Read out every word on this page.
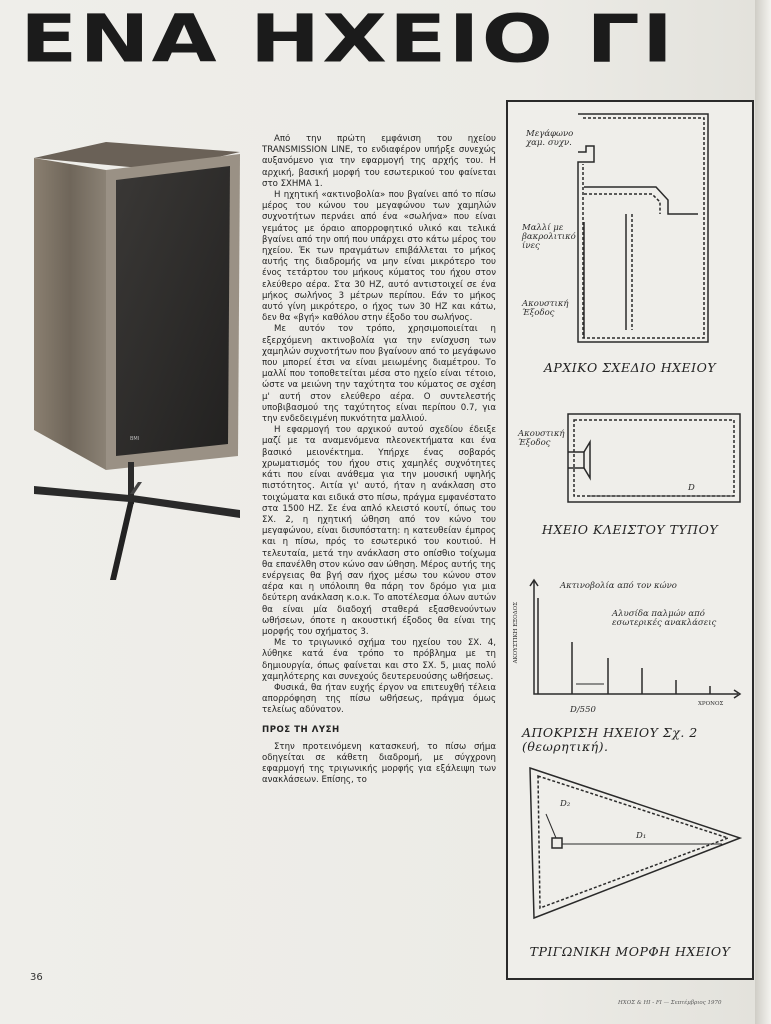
ΕΝΑ ΗΧΕΙΟ ΓΙ
BMI

Από την πρώτη εμφάνιση του ηχείου TRANSMISSION LINE, το ενδιαφέρον υπήρξε συνεχώς αυξανόμενο για την εφαρμογή της αρχής του. Η αρχική, βασική μορφή του εσωτερικού του φαίνεται στο ΣΧΗΜΑ 1.

Η ηχητική «ακτινοβολία» που βγαίνει από το πίσω μέρος του κώνου του μεγαφώνου των χαμηλών συχνοτήτων περνάει από ένα «σωλήνα» που είναι γεμάτος με όραιο απορροφητικό υλικό και τελικά βγαίνει από την οπή που υπάρχει στο κάτω μέρος του ηχείου. Έκ των πραγμάτων επιβάλλεται το μήκος αυτής της διαδρομής να μην είναι μικρότερο του ένος τετάρτου του μήκους κύματος του ήχου στον ελεύθερο αέρα. Στα 30 HZ, αυτό αντιστοιχεί σε ένα μήκος σωλήνος 3 μέτρων περίπου. Εάν το μήκος αυτό γίνη μικρότερο, ο ήχος των 30 HZ και κάτω, δεν θα «βγή» καθόλου στην έξοδο του σωλήνος.

Με αυτόν τον τρόπο, χρησιμοποιείται η εξερχόμενη ακτινοβολία για την ενίσχυση των χαμηλών συχνοτήτων που βγαίνουν από το μεγάφωνο που μπορεί έτσι να είναι μειωμένης διαμέτρου. Το μαλλί που τοποθετείται μέσα στο ηχείο είναι τέτοιο, ώστε να μειώνη την ταχύτητα του κύματος σε σχέση μ' αυτή στον ελεύθερο αέρα. Ο συντελεστής υποβιβασμού της ταχύτητος είναι περίπου 0.7, για την ενδεδειγμένη πυκνότητα μαλλιού.

Η εφαρμογή του αρχικού αυτού σχεδίου έδειξε μαζί με τα αναμενόμενα πλεονεκτήματα και ένα βασικό μειονέκτημα. Υπήρχε ένας σοβαρός χρωματισμός του ήχου στις χαμηλές συχνότητες κάτι που είναι ανάθεμα για την μουσική υψηλής πιστότητος. Αιτία γι' αυτό, ήταν η ανάκλαση στο τοιχώματα και ειδικά στο πίσω, πράγμα εμφανέστατο στα 1500 HZ. Σε ένα απλό κλειστό κουτί, όπως του ΣΧ. 2, η ηχητική ώθηση από τον κώνο του μεγαφώνου, είναι δισυπόστατη: η κατευθείαν έμπρος και η πίσω, πρός το εσωτερικό του κουτιού. Η τελευταία, μετά την ανάκλαση στο οπίσθιο τοίχωμα θα επανέλθη στον κώνο σαν ώθηση. Μέρος αυτής της ενέργειας θα βγή σαν ήχος μέσω του κώνου στον αέρα και η υπόλοιπη θα πάρη τον δρόμο για μια δεύτερη ανάκλαση κ.ο.κ. Το αποτέλεσμα όλων αυτών θα είναι μία διαδοχή σταθερά εξασθενούντων ωθήσεων, όποτε η ακουστική έξοδος θα είναι της μορφής του σχήματος 3.

Με το τριγωνικό σχήμα του ηχείου του ΣΧ. 4, λύθηκε κατά ένα τρόπο το πρόβλημα με τη δημιουργία, όπως φαίνεται και στο ΣΧ. 5, μιας πολύ χαμηλότερης και συνεχούς δευτερευούσης ωθήσεως.

Φυσικά, θα ήταν ευχής έργον να επιτευχθή τέλεια απορρόφηση της πίσω ωθήσεως, πράγμα όμως τελείως αδύνατον.

ΠΡΟΣ ΤΗ ΛΥΣΗ

Στην προτεινόμενη κατασκευή, το πίσω σήμα οδηγείται σε κάθετη διαδρομή, με σύγχρονη εφαρμογή της τριγωνικής μορφής για εξάλειψη των ανακλάσεων. Επίσης, το

Μεγάφωνο χαμ. συχν.
Μαλλί με βακρολιτικό ίνες
Ακουστική Έξοδος
ΑΡΧΙΚΟ ΣΧΕΔΙΟ ΗΧΕΙΟΥ
Ακουστική Έξοδος
D
ΗΧΕΙΟ ΚΛΕΙΣΤΟΥ ΤΥΠΟΥ
ΑΚΟΥΣΤΙΚΗ ΕΞΟΔΟΣ
ΧΡΟΝΟΣ
Ακτινοβολία από τον κώνο
Αλυσίδα παλμών από εσωτερικές ανακλάσεις
D/550
ΑΠΟΚΡΙΣΗ ΗΧΕΙΟΥ Σχ. 2 (θεωρητική).
D₂
D₁
ΤΡΙΓΩΝΙΚΗ ΜΟΡΦΗ ΗΧΕΙΟΥ
36
ΗΧΟΣ & ΗΙ - FI — Σεπτέμβριος 1970
